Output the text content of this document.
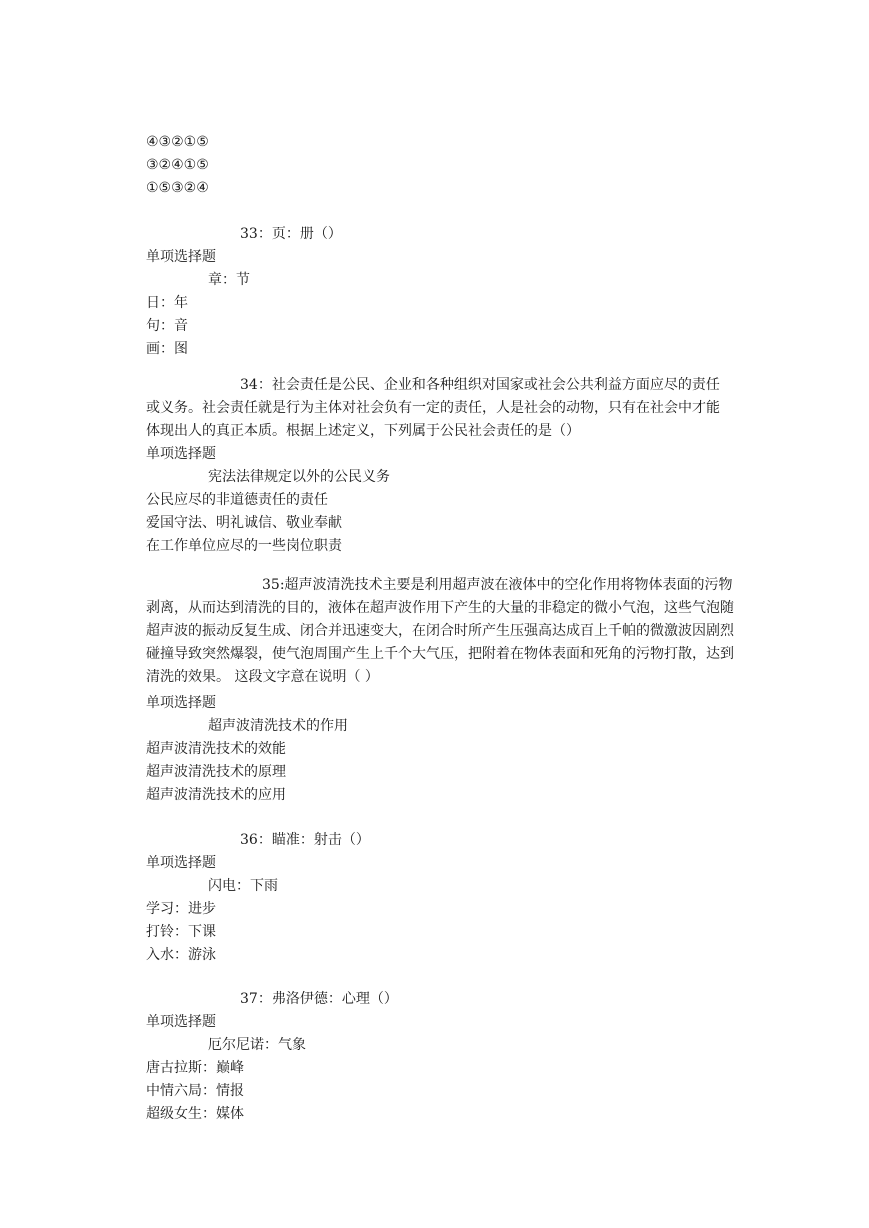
④③②①⑤
③②④①⑤
①⑤③②④
33：页：册（）
单项选择题
章：节
日：年
句：音
画：图
34：社会责任是公民、企业和各种组织对国家或社会公共利益方面应尽的责任或义务。社会责任就是行为主体对社会负有一定的责任，人是社会的动物，只有在社会中才能体现出人的真正本质。根据上述定义，下列属于公民社会责任的是（）
单项选择题
宪法法律规定以外的公民义务
公民应尽的非道德责任的责任
爱国守法、明礼诚信、敬业奉献
在工作单位应尽的一些岗位职责
35:超声波清洗技术主要是利用超声波在液体中的空化作用将物体表面的污物剥离，从而达到清洗的目的，液体在超声波作用下产生的大量的非稳定的微小气泡，这些气泡随超声波的振动反复生成、闭合并迅速变大，在闭合时所产生压强高达成百上千帕的微激波因剧烈碰撞导致突然爆裂，使气泡周围产生上千个大气压，把附着在物体表面和死角的污物打散，达到清洗的效果。 这段文字意在说明（ ）
单项选择题
超声波清洗技术的作用
超声波清洗技术的效能
超声波清洗技术的原理
超声波清洗技术的应用
36：瞄准：射击（）
单项选择题
闪电：下雨
学习：进步
打铃：下课
入水：游泳
37：弗洛伊德：心理（）
单项选择题
厄尔尼诺：气象
唐古拉斯：巅峰
中情六局：情报
超级女生：媒体
